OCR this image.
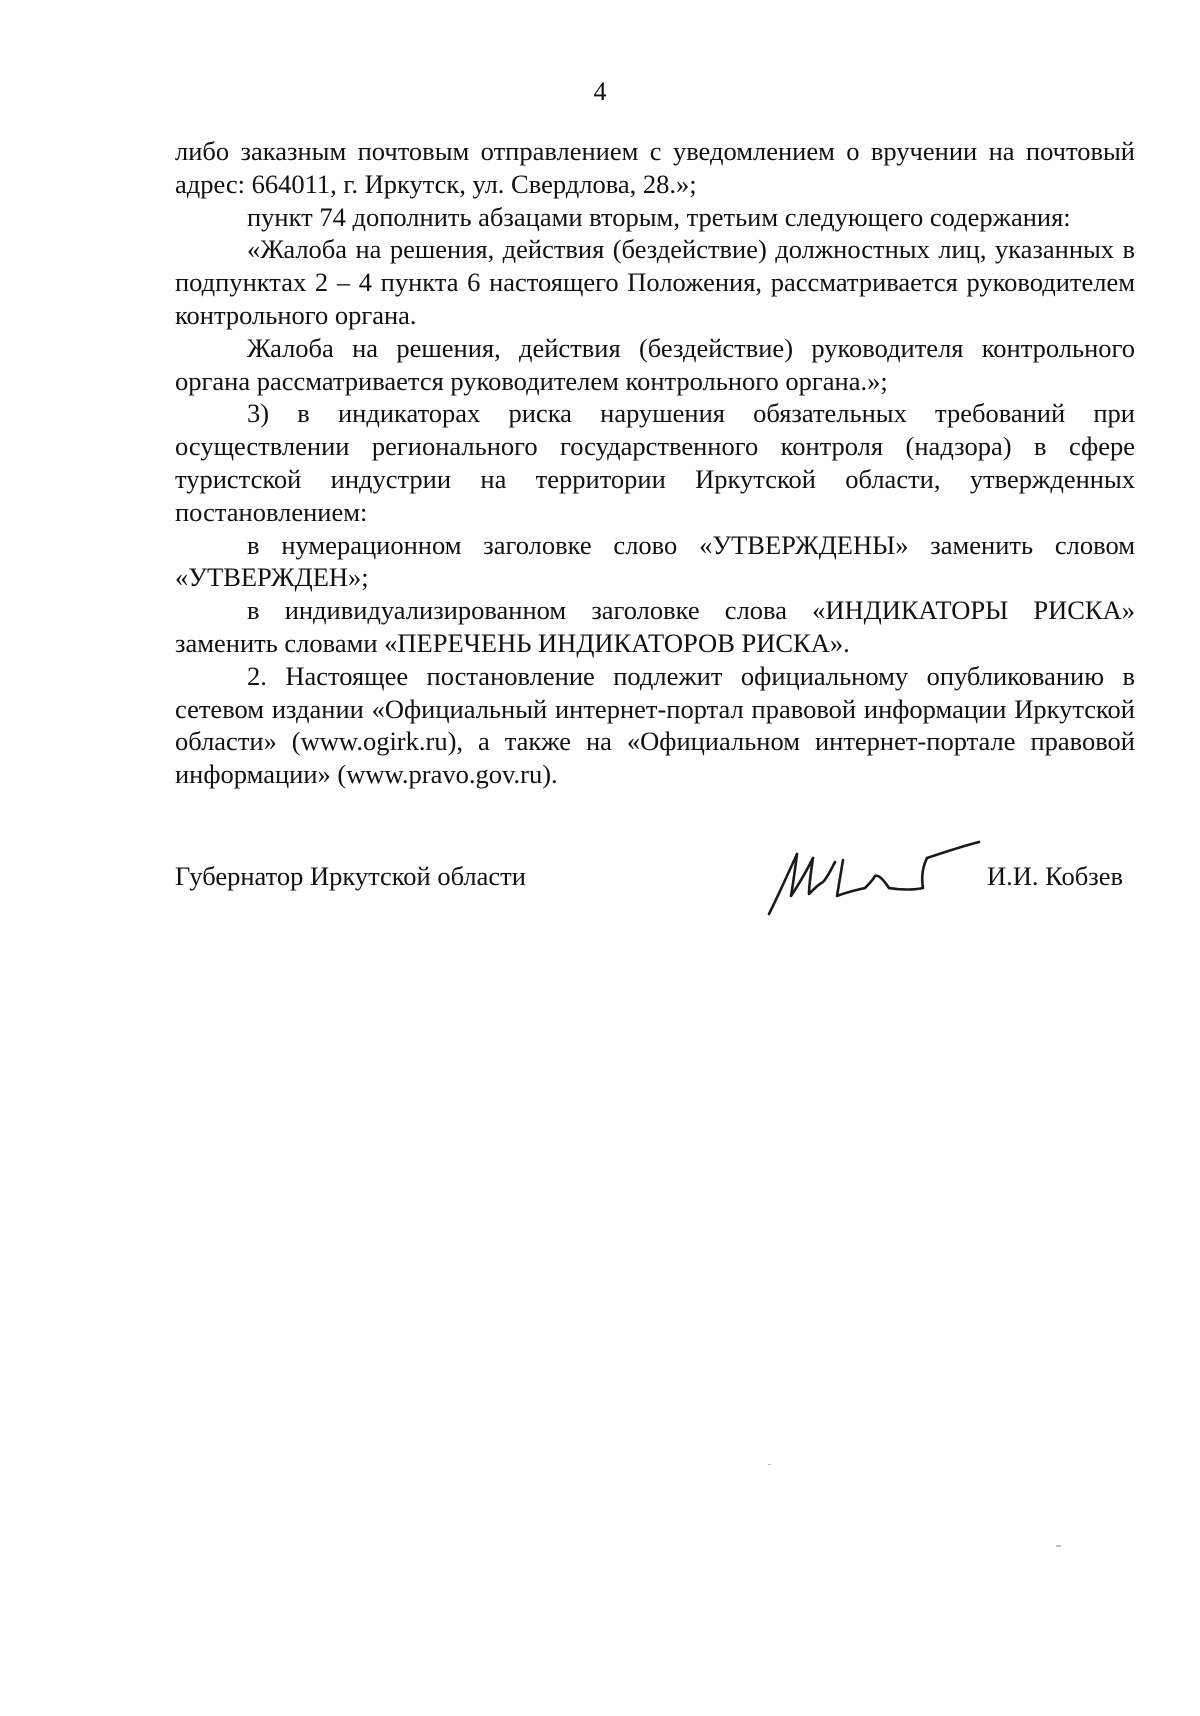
4

либо заказным почтовым отправлением с уведомлением о вручении на почтовый адрес: 664011, г. Иркутск, ул. Свердлова, 28.»;

пункт 74 дополнить абзацами вторым, третьим следующего содержания:

«Жалоба на решения, действия (бездействие) должностных лиц, указанных в подпунктах 2 – 4 пункта 6 настоящего Положения, рассматривается руководителем контрольного органа.

Жалоба на решения, действия (бездействие) руководителя контрольного органа рассматривается руководителем контрольного органа.»;

3) в индикаторах риска нарушения обязательных требований при осуществлении регионального государственного контроля (надзора) в сфере туристской индустрии на территории Иркутской области, утвержденных постановлением:

в нумерационном заголовке слово «УТВЕРЖДЕНЫ» заменить словом «УТВЕРЖДЕН»;

в индивидуализированном заголовке слова «ИНДИКАТОРЫ РИСКА» заменить словами «ПЕРЕЧЕНЬ ИНДИКАТОРОВ РИСКА».

2. Настоящее постановление подлежит официальному опубликованию в сетевом издании «Официальный интернет-портал правовой информации Иркутской области» (www.ogirk.ru), а также на «Официальном интернет-портале правовой информации» (www.pravo.gov.ru).

Губернатор Иркутской области	И.И. Кобзев
